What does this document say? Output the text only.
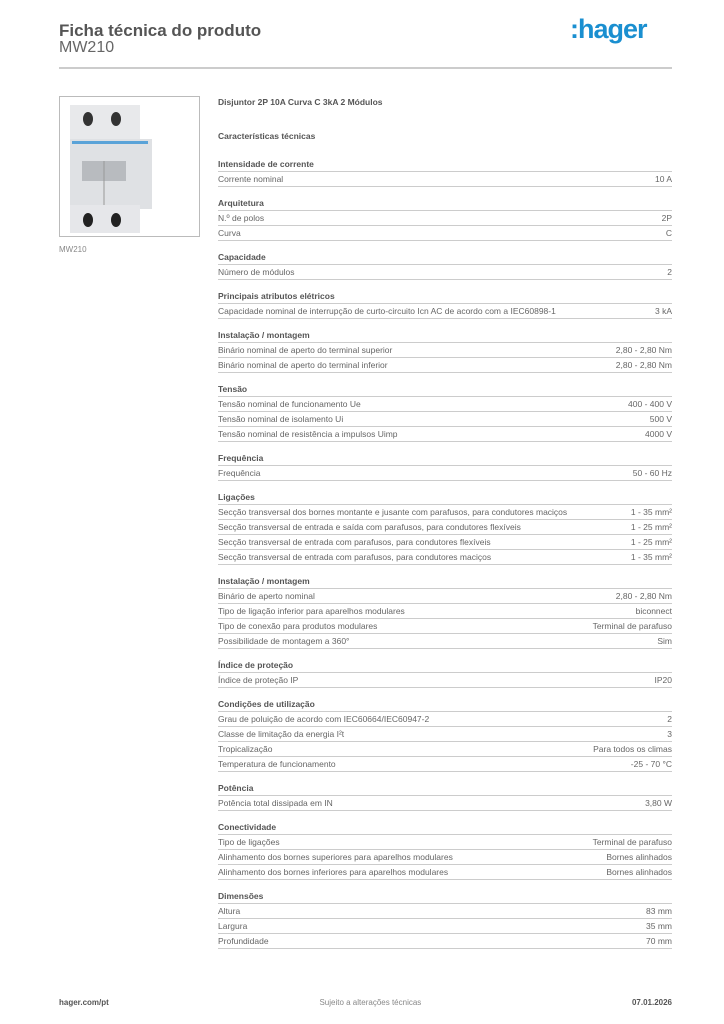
Ficha técnica do produto
MW210
:hager
MW210
Disjuntor 2P 10A Curva C 3kA 2 Módulos
Características técnicas
Intensidade de corrente
Corrente nominal	10 A
Arquitetura
N.º de polos	2P
Curva	C
Capacidade
Número de módulos	2
Principais atributos elétricos
Capacidade nominal de interrupção de curto-circuito Icn AC de acordo com a IEC60898-1	3 kA
Instalação / montagem
Binário nominal de aperto do terminal superior	2,80 - 2,80 Nm
Binário nominal de aperto do terminal inferior	2,80 - 2,80 Nm
Tensão
Tensão nominal de funcionamento Ue	400 - 400 V
Tensão nominal de isolamento Ui	500 V
Tensão nominal de resistência a impulsos Uimp	4000 V
Frequência
Frequência	50 - 60 Hz
Ligações
Secção transversal dos bornes montante e jusante com parafusos, para condutores maciços	1 - 35 mm²
Secção transversal de entrada e saída com parafusos, para condutores flexíveis	1 - 25 mm²
Secção transversal de entrada com parafusos, para condutores flexíveis	1 - 25 mm²
Secção transversal de entrada com parafusos, para condutores maciços	1 - 35 mm²
Instalação / montagem
Binário de aperto nominal	2,80 - 2,80 Nm
Tipo de ligação inferior para aparelhos modulares	biconnect
Tipo de conexão para produtos modulares	Terminal de parafuso
Possibilidade de montagem a 360°	Sim
Índice de proteção
Índice de proteção IP	IP20
Condições de utilização
Grau de poluição de acordo com IEC60664/IEC60947-2	2
Classe de limitação da energia I²t	3
Tropicalização	Para todos os climas
Temperatura de funcionamento	-25 - 70 °C
Potência
Potência total dissipada em IN	3,80 W
Conectividade
Tipo de ligações	Terminal de parafuso
Alinhamento dos bornes superiores para aparelhos modulares	Bornes alinhados
Alinhamento dos bornes inferiores para aparelhos modulares	Bornes alinhados
Dimensões
Altura	83 mm
Largura	35 mm
Profundidade	70 mm
hager.com/pt	Sujeito a alterações técnicas	07.01.2026
